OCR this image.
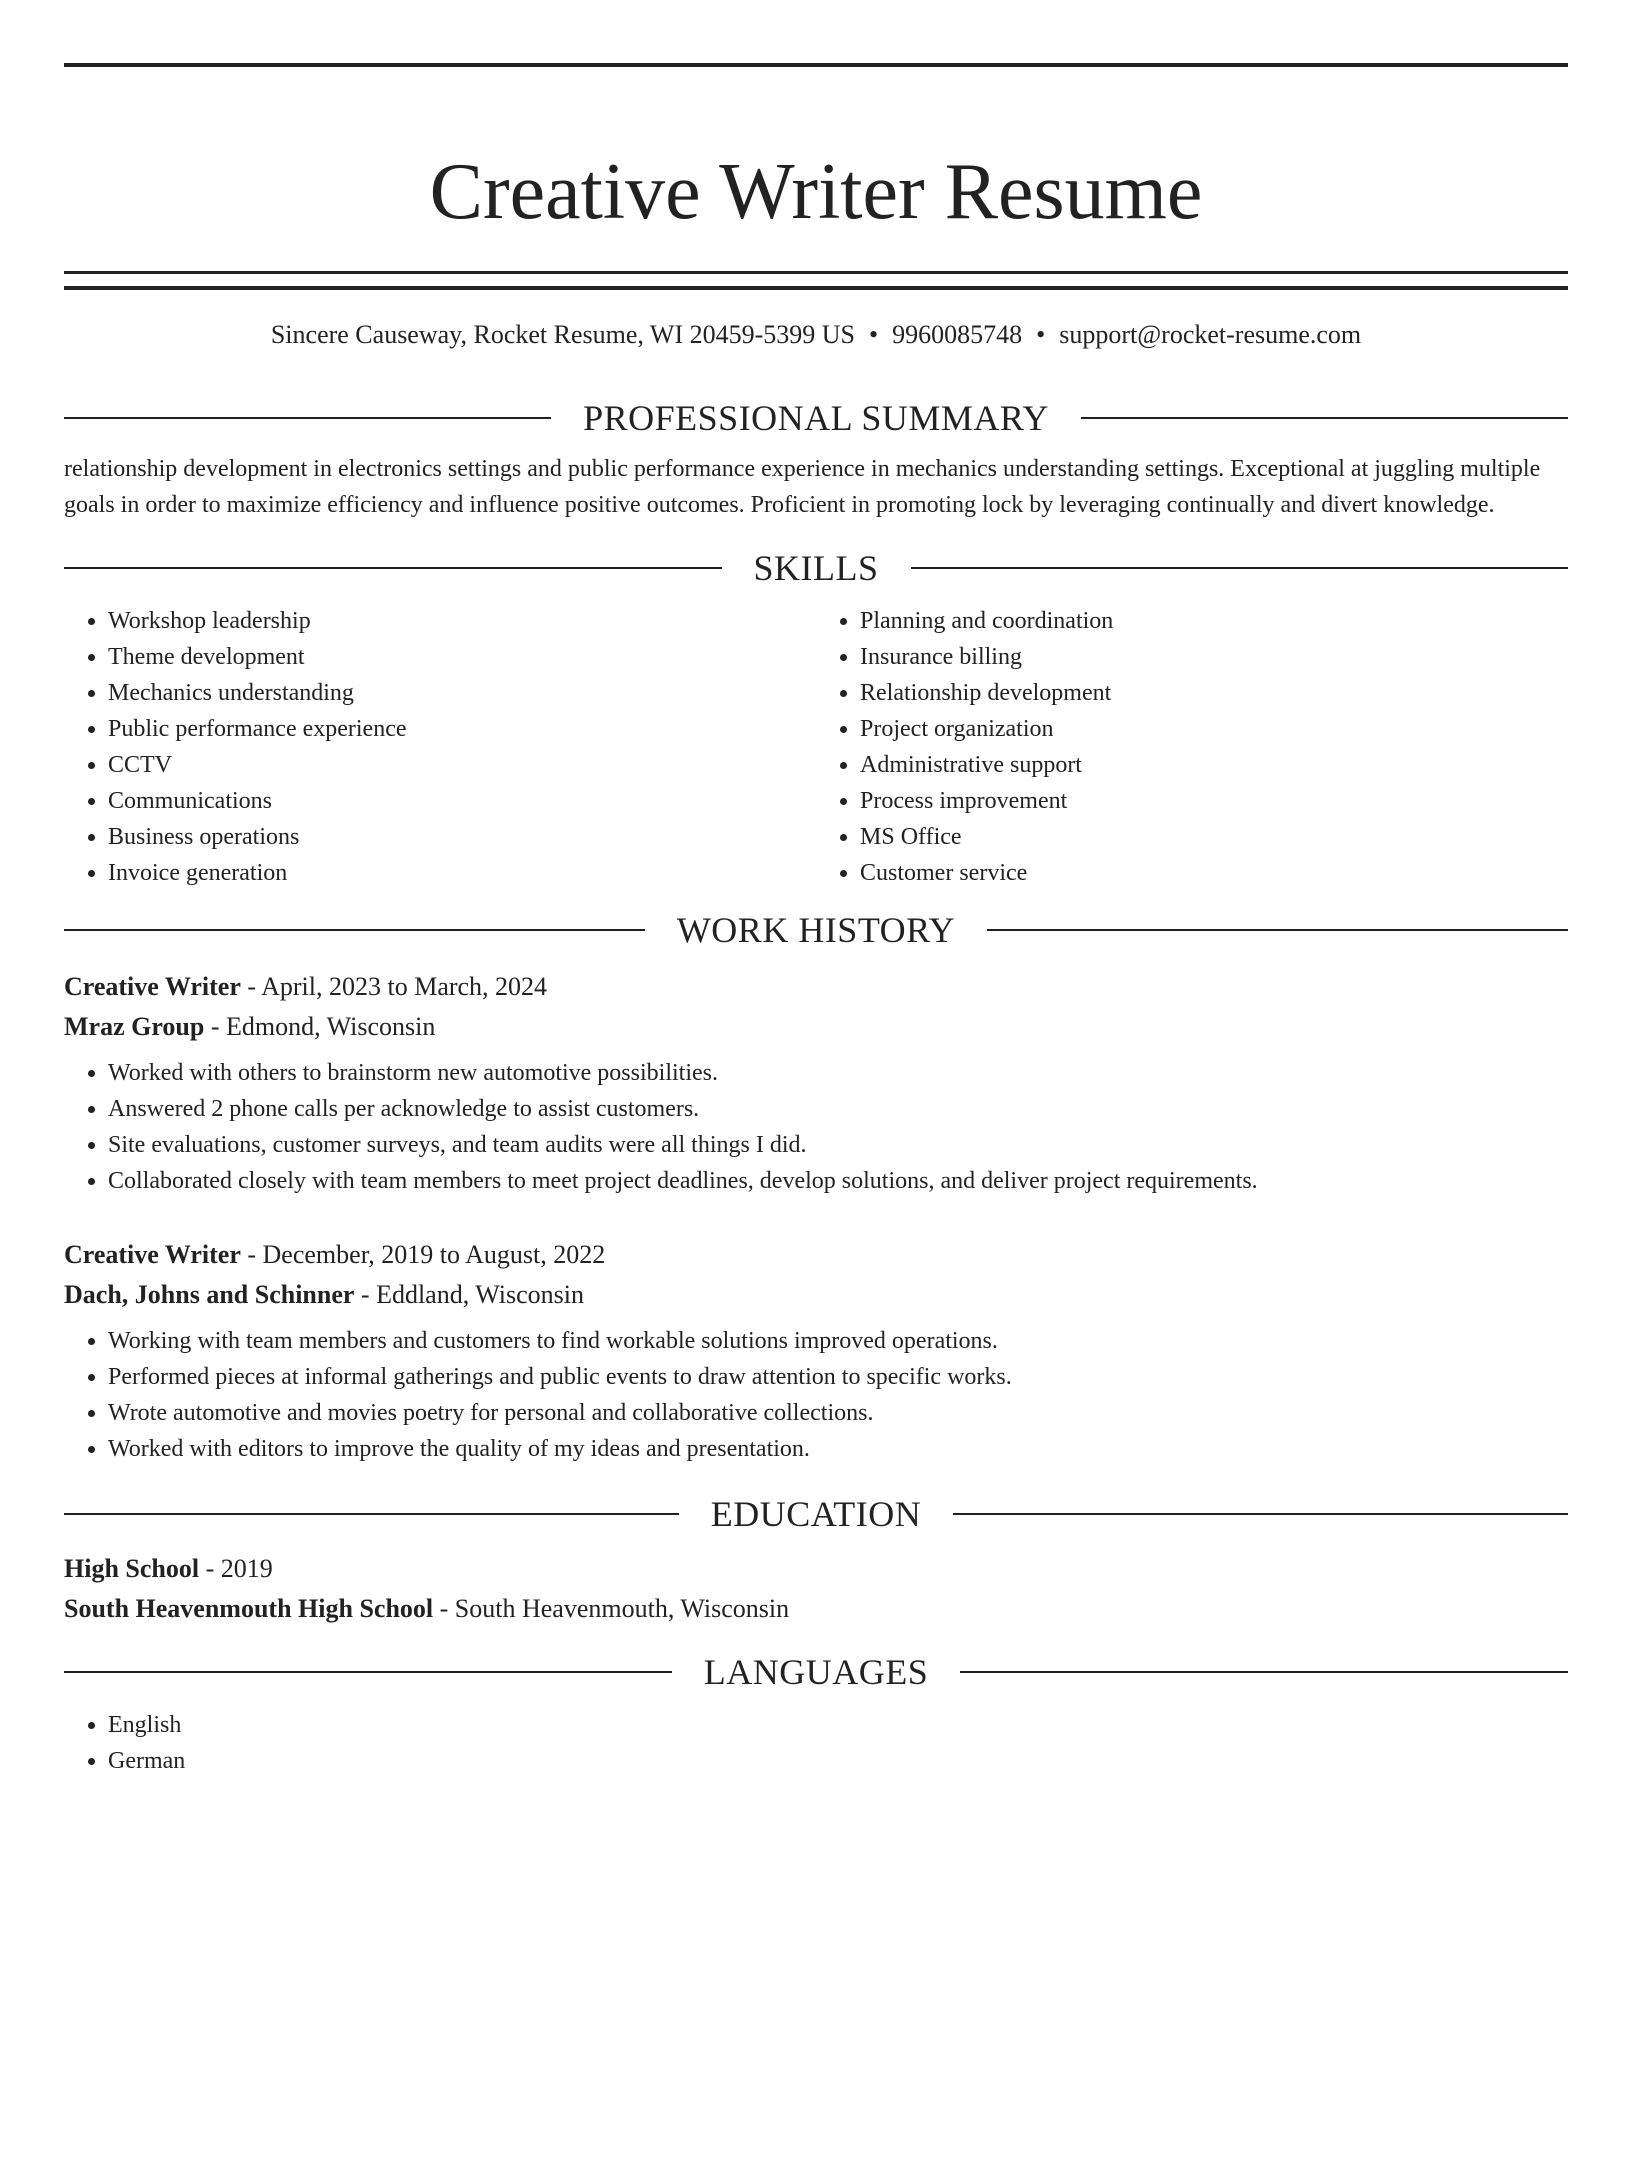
Creative Writer Resume
Sincere Causeway, Rocket Resume, WI 20459-5399 US • 9960085748 • support@rocket-resume.com
PROFESSIONAL SUMMARY

relationship development in electronics settings and public performance experience in mechanics understanding settings. Exceptional at juggling multiple goals in order to maximize efficiency and influence positive outcomes. Proficient in promoting lock by leveraging continually and divert knowledge.

SKILLS
• Workshop leadership
• Theme development
• Mechanics understanding
• Public performance experience
• CCTV
• Communications
• Business operations
• Invoice generation
• Planning and coordination
• Insurance billing
• Relationship development
• Project organization
• Administrative support
• Process improvement
• MS Office
• Customer service
WORK HISTORY
Creative Writer - April, 2023 to March, 2024
Mraz Group - Edmond, Wisconsin
• Worked with others to brainstorm new automotive possibilities.
• Answered 2 phone calls per acknowledge to assist customers.
• Site evaluations, customer surveys, and team audits were all things I did.
• Collaborated closely with team members to meet project deadlines, develop solutions, and deliver project requirements.
Creative Writer - December, 2019 to August, 2022
Dach, Johns and Schinner - Eddland, Wisconsin
• Working with team members and customers to find workable solutions improved operations.
• Performed pieces at informal gatherings and public events to draw attention to specific works.
• Wrote automotive and movies poetry for personal and collaborative collections.
• Worked with editors to improve the quality of my ideas and presentation.
EDUCATION
High School - 2019
South Heavenmouth High School - South Heavenmouth, Wisconsin
LANGUAGES
• English
• German
